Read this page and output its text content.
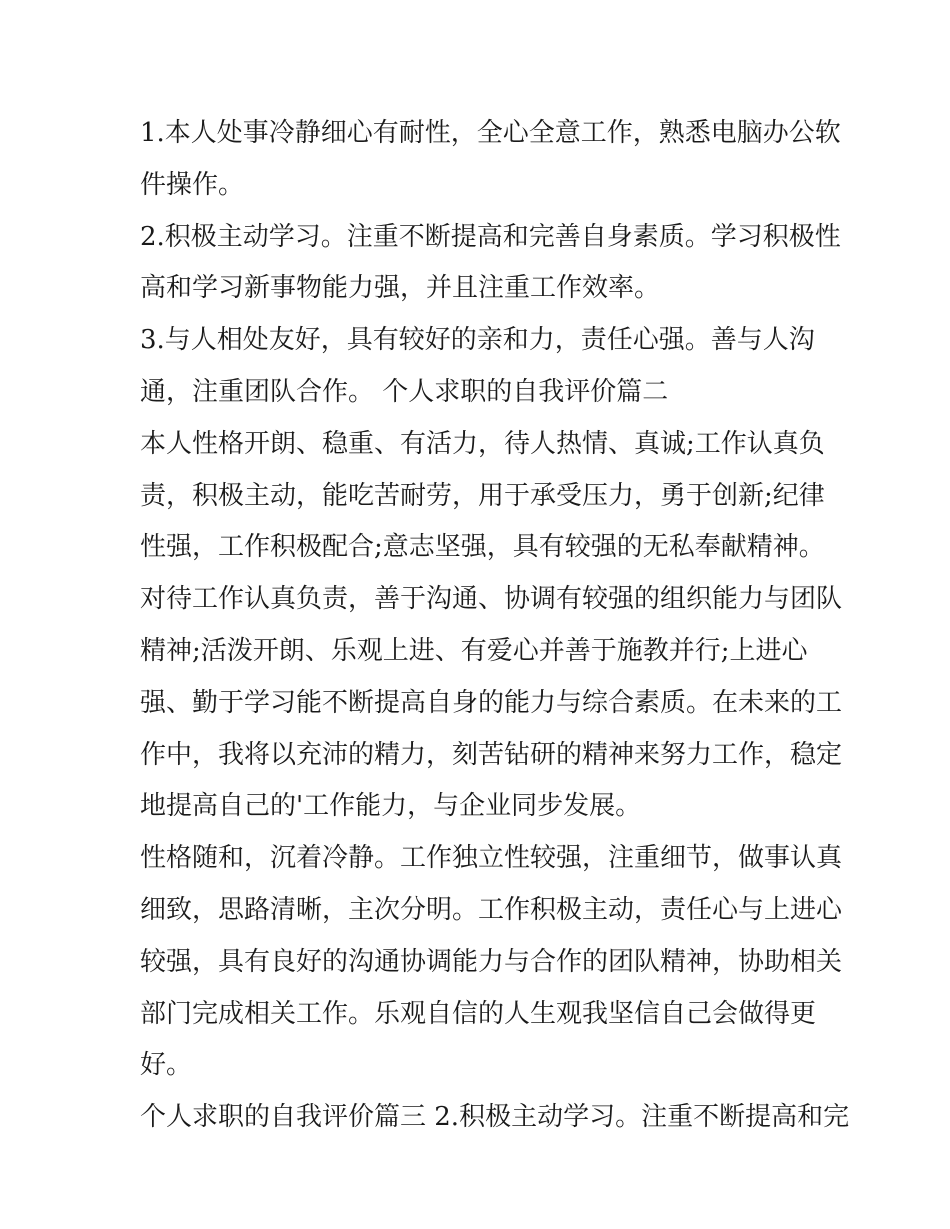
1.本人处事冷静细心有耐性，全心全意工作，熟悉电脑办公软
件操作。
2.积极主动学习。注重不断提高和完善自身素质。学习积极性
高和学习新事物能力强，并且注重工作效率。
3.与人相处友好，具有较好的亲和力，责任心强。善与人沟
通，注重团队合作。 个人求职的自我评价篇二
本人性格开朗、稳重、有活力，待人热情、真诚;工作认真负
责，积极主动，能吃苦耐劳，用于承受压力，勇于创新;纪律
性强，工作积极配合;意志坚强，具有较强的无私奉献精神。
对待工作认真负责，善于沟通、协调有较强的组织能力与团队
精神;活泼开朗、乐观上进、有爱心并善于施教并行;上进心
强、勤于学习能不断提高自身的能力与综合素质。在未来的工
作中，我将以充沛的精力，刻苦钻研的精神来努力工作，稳定
地提高自己的'工作能力，与企业同步发展。
性格随和，沉着冷静。工作独立性较强，注重细节，做事认真
细致，思路清晰，主次分明。工作积极主动，责任心与上进心
较强，具有良好的沟通协调能力与合作的团队精神，协助相关
部门完成相关工作。乐观自信的人生观我坚信自己会做得更
好。
个人求职的自我评价篇三 2.积极主动学习。注重不断提高和完
